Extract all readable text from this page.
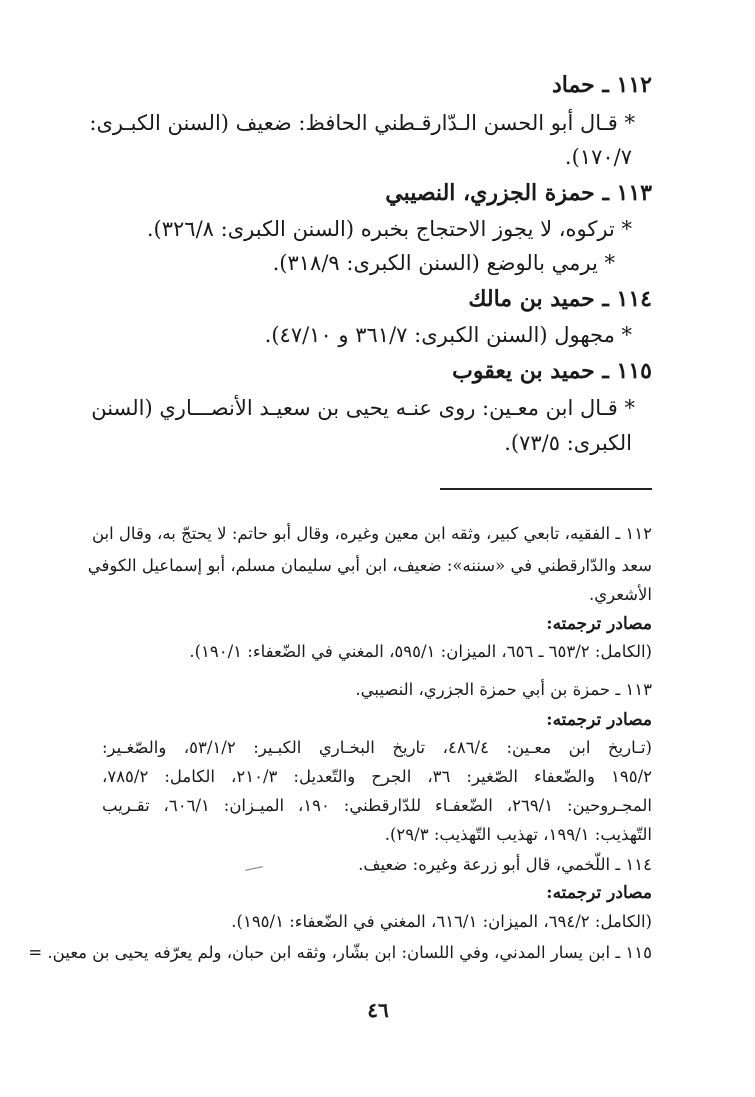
١١٢ ـ حماد
* قـال أبو الحسن الـدّارقـطني الحافظ: ضعيف (السنن الكبـرى:
١٧٠/٧).
١١٣ ـ حمزة الجزري، النصيبي
* تركوه، لا يجوز الاحتجاج بخبره (السنن الكبرى: ٣٢٦/٨).
* يرمي بالوضع (السنن الكبرى: ٣١٨/٩).
١١٤ ـ حميد بن مالك
* مجهول (السنن الكبرى: ٣٦١/٧ و ٤٧/١٠).
١١٥ ـ حميد بن يعقوب
* قـال ابن معـين: روى عنـه يحيى بن سعيـد الأنصـــاري (السنن
الكبرى: ٧٣/٥).
١١٢ ـ الفقيه، تابعي كبير، وثقه ابن معين وغيره، وقال أبو حاتم: لا يحتجّ به، وقال ابن
سعد والدّارقطني في «سننه»: ضعيف، ابن أبي سليمان مسلم، أبو إسماعيل الكوفي
الأشعري.
مصادر ترجمته:
(الكامل: ٦٥٣/٢ ـ ٦٥٦، الميزان: ٥٩٥/١، المغني في الضّعفاء: ١٩٠/١).
١١٣ ـ حمزة بن أبي حمزة الجزري، النصيبي.
مصادر ترجمته:
(تـاريخ ابن معـين: ٤٨٦/٤، تاريخ البخـاري الكبـير: ٥٣/١/٢، والصّغـير:
١٩٥/٢ والضّعفاء الصّغير: ٣٦، الجرح والتّعديل: ٢١٠/٣، الكامل: ٧٨٥/٢،
المجـروحين: ٢٦٩/١، الضّعفـاء للدّارقطني: ١٩٠، الميـزان: ٦٠٦/١، تقـريب
التّهذيب: ١٩٩/١، تهذيب التّهذيب: ٢٩/٣).
١١٤ ـ اللّخمي، قال أبو زرعة وغيره: ضعيف.
مصادر ترجمته:
(الكامل: ٦٩٤/٢، الميزان: ٦١٦/١، المغني في الضّعفاء: ١٩٥/١).
١١٥ ـ ابن يسار المدني، وفي اللسان: ابن بشّار، وثقه ابن حبان، ولم يعرّفه يحيى بن معين. =
٤٦
